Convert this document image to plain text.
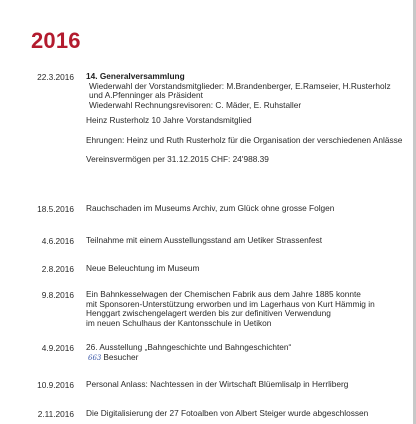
2016
22.3.2016 14. Generalversammlung
Wiederwahl der Vorstandsmitglieder: M.Brandenberger, E.Ramseier, H.Rusterholz
und A.Pfenninger als Präsident
Wiederwahl Rechnungsrevisoren: C. Mäder, E. Ruhstaller
Heinz Rusterholz 10 Jahre Vorstandsmitglied
Ehrungen: Heinz und Ruth Rusterholz für die Organisation der verschiedenen Anlässe
Vereinsvermögen per 31.12.2015 CHF: 24'988.39
18.5.2016 Rauchschaden im Museums Archiv, zum Glück ohne grosse Folgen
4.6.2016 Teilnahme mit einem Ausstellungsstand am Uetiker Strassenfest
2.8.2016 Neue Beleuchtung im Museum
9.8.2016 Ein Bahnkesselwagen der Chemischen Fabrik aus dem Jahre 1885 konnte
mit Sponsoren-Unterstützung erworben und im Lagerhaus von Kurt Hämmig in
Henggart zwischengelagert werden bis zur definitiven Verwendung
im neuen Schulhaus der Kantonsschule in Uetikon
4.9.2016 26. Ausstellung „Bahngeschichte und Bahngeschichten“
663 Besucher
10.9.2016 Personal Anlass: Nachtessen in der Wirtschaft Blüemlisalp in Herrliberg
2.11.2016 Die Digitalisierung der 27 Fotoalben von Albert Steiger wurde abgeschlossen
